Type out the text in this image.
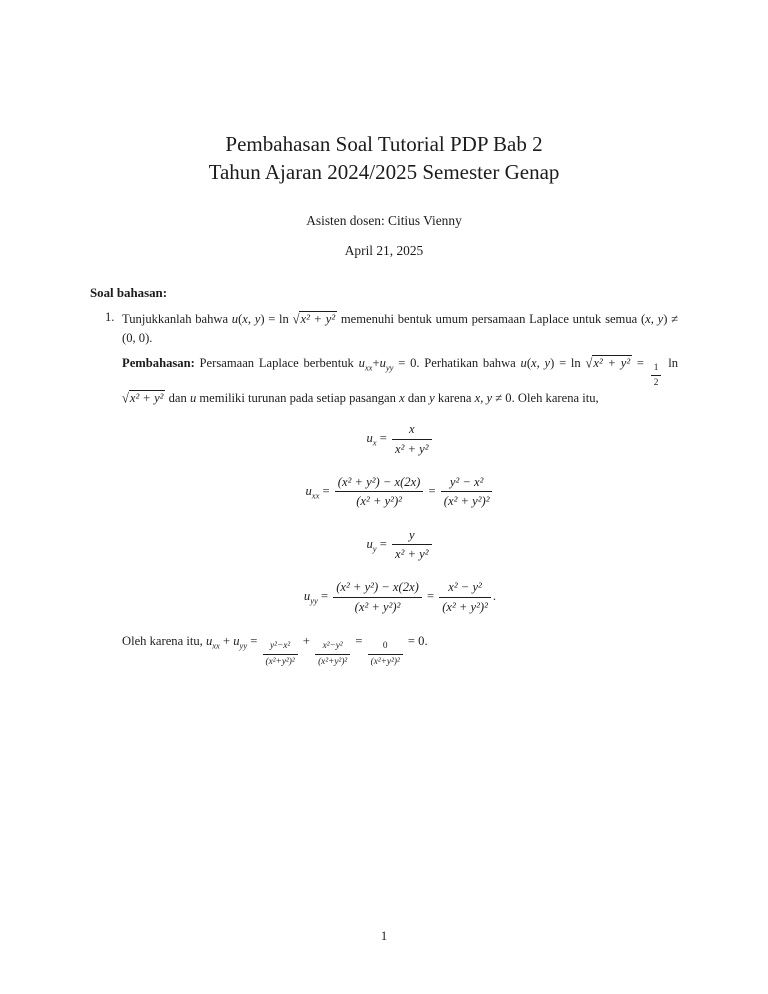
Pembahasan Soal Tutorial PDP Bab 2
Tahun Ajaran 2024/2025 Semester Genap
Asisten dosen: Citius Vienny
April 21, 2025
Soal bahasan:
1. Tunjukkanlah bahwa u(x, y) = ln √x² + y² memenuhi bentuk umum persamaan Laplace untuk semua (x, y) ≠ (0, 0).

Pembahasan: Persamaan Laplace berbentuk $u_{xx}+u_{yy} = 0$. Perhatikan bahwa u(x, $y) = \ln √x^2 + y^2 = \frac{1}{2}$ ln √x² + y² dan u memiliki turunan pada setiap pasangan x dan y karena x, y ≠ 0. Oleh karena itu,

$u_x = \frac{x}{\text{x² + y²}}$
$u_{xx} = \frac{\text{(x² + y²) − x(2x)}}{\text{(x² + y²)²}} = \frac{\text{y² − x²}}{\text{(x² + y²)²}}$
$u_y = \frac{y}{\text{x² + y²}}$
$u_{yy} = \frac{\text{(x² + y²) − x(2x)}}{\text{(x² + y²)²}} = \frac{\text{x² − y²}}{\text{(x² + y²)²}}$ .

Oleh karena itu, $u_{xx} + u_{yy} = \frac{\text{y²−x²}}{\text{(x²+y²)²}} + \frac{\text{x²−y²}}{\text{(x²+y²)²}} = \frac{0}{\text{(x²+y²)²}} = 0$.

1
